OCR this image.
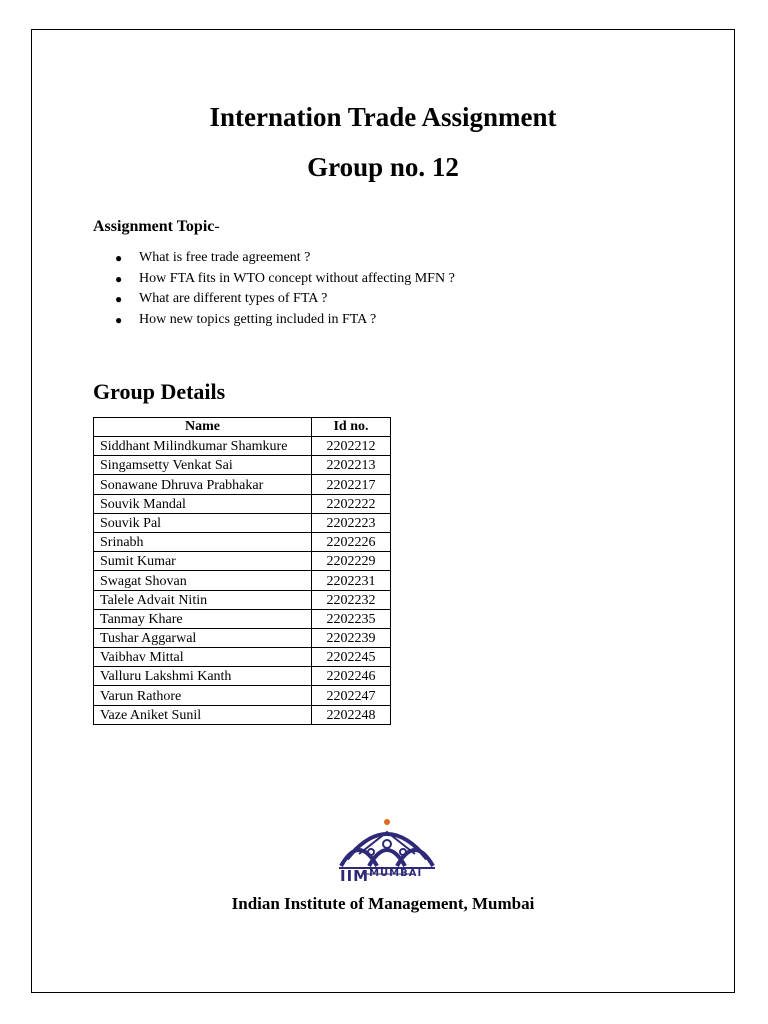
Internation Trade Assignment
Group no. 12

Assignment Topic-

● What is free trade agreement ?
● How FTA fits in WTO concept without affecting MFN ?
● What are different types of FTA ?
● How new topics getting included in FTA ?
Group Details
Name	Id no.
Siddhant Milindkumar Shamkure	2202212
Singamsetty Venkat Sai	2202213
Sonawane Dhruva Prabhakar	2202217
Souvik Mandal	2202222
Souvik Pal	2202223
Srinabh	2202226
Sumit Kumar	2202229
Swagat Shovan	2202231
Talele Advait Nitin	2202232
Tanmay Khare	2202235
Tushar Aggarwal	2202239
Vaibhav Mittal	2202245
Valluru Lakshmi Kanth	2202246
Varun Rathore	2202247
Vaze Aniket Sunil	2202248
$IIM^{MUMBAI}$

Indian Institute of Management, Mumbai
